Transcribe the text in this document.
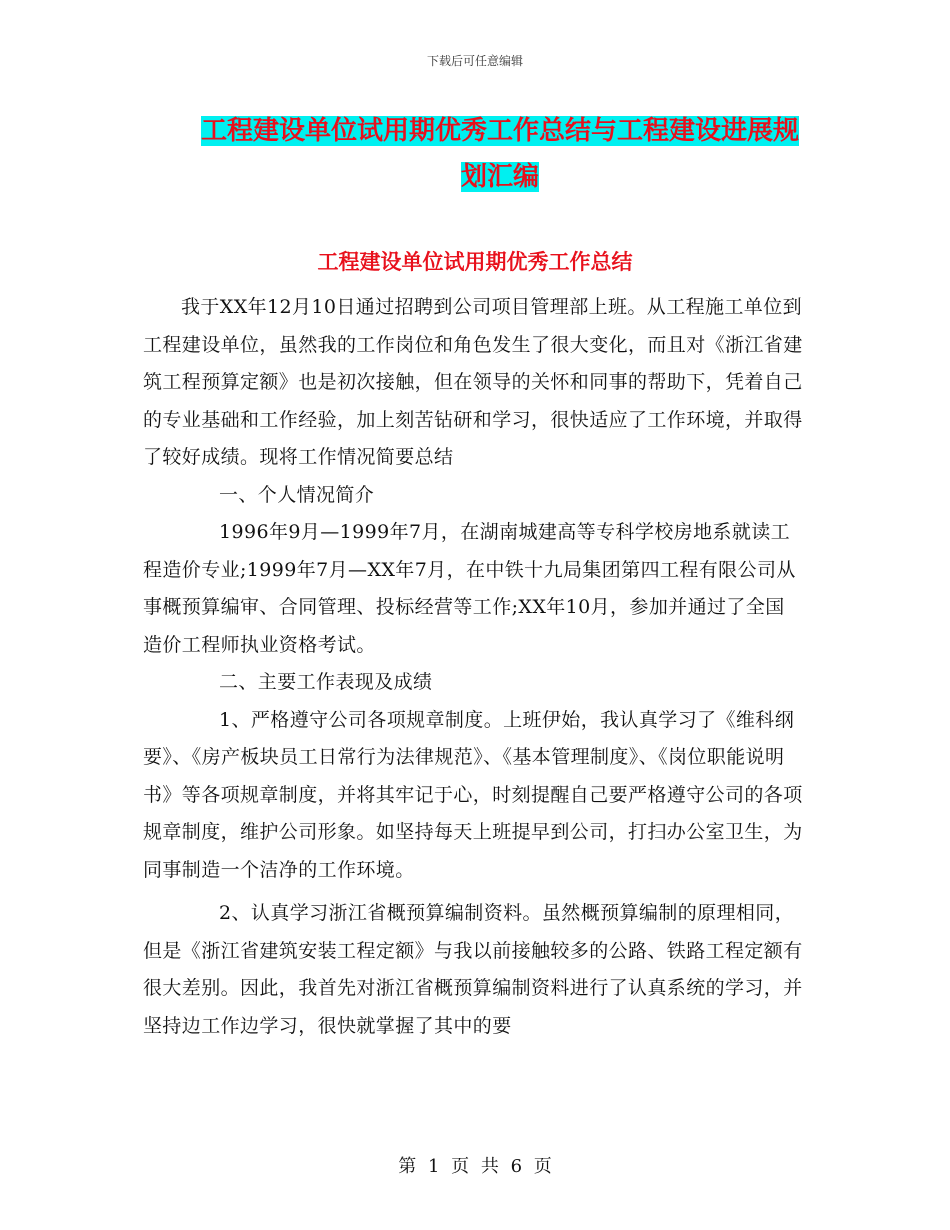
下载后可任意编辑
工程建设单位试用期优秀工作总结与工程建设进展规划汇编
工程建设单位试用期优秀工作总结

我于XX年12月10日通过招聘到公司项目管理部上班。从工程施工单位到工程建设单位，虽然我的工作岗位和角色发生了很大变化，而且对《浙江省建筑工程预算定额》也是初次接触，但在领导的关怀和同事的帮助下，凭着自己的专业基础和工作经验，加上刻苦钻研和学习，很快适应了工作环境，并取得了较好成绩。现将工作情况简要总结

一、个人情况简介

1996年9月—1999年7月，在湖南城建高等专科学校房地系就读工程造价专业;1999年7月—XX年7月，在中铁十九局集团第四工程有限公司从事概预算编审、合同管理、投标经营等工作;XX年10月，参加并通过了全国造价工程师执业资格考试。

二、主要工作表现及成绩

1、严格遵守公司各项规章制度。上班伊始，我认真学习了《维科纲要》、《房产板块员工日常行为法律规范》、《基本管理制度》、《岗位职能说明书》等各项规章制度，并将其牢记于心，时刻提醒自己要严格遵守公司的各项规章制度，维护公司形象。如坚持每天上班提早到公司，打扫办公室卫生，为同事制造一个洁净的工作环境。

2、认真学习浙江省概预算编制资料。虽然概预算编制的原理相同，但是《浙江省建筑安装工程定额》与我以前接触较多的公路、铁路工程定额有很大差别。因此，我首先对浙江省概预算编制资料进行了认真系统的学习，并坚持边工作边学习，很快就掌握了其中的要

第 1 页 共 6 页
